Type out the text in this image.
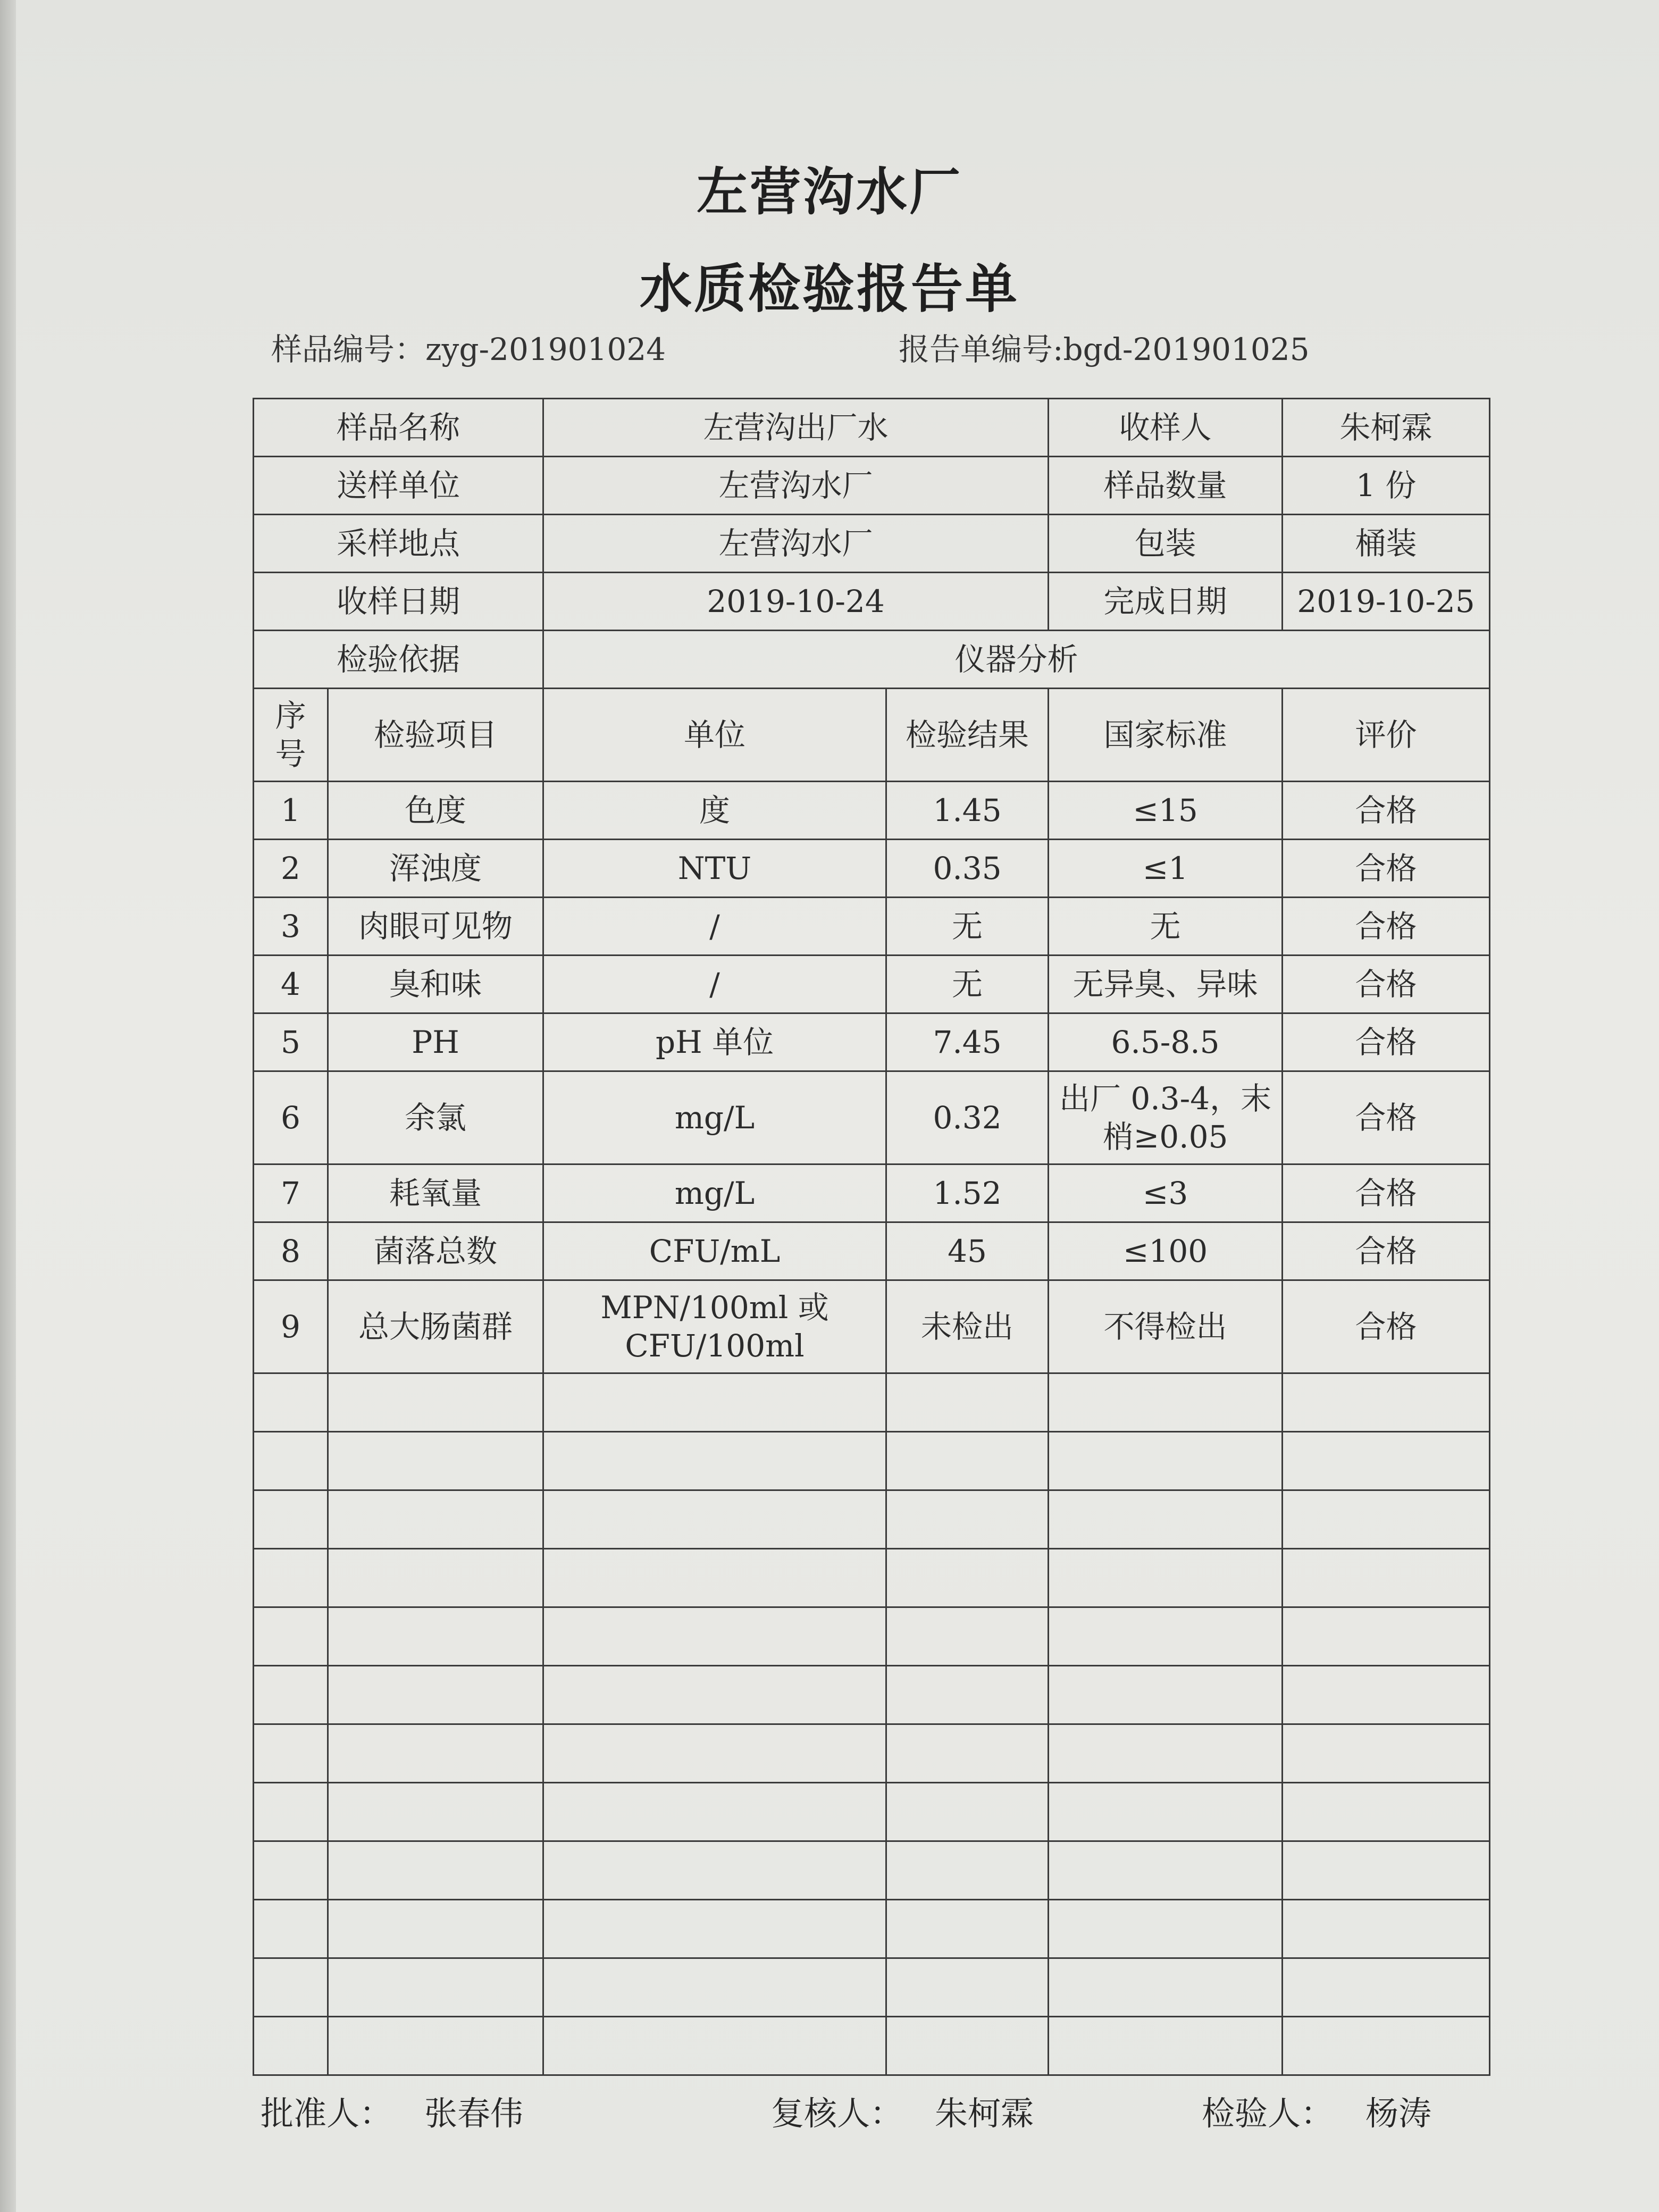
左营沟水厂
水质检验报告单
样品编号：zyg-201901024	报告单编号:bgd-201901025
样品名称		左营沟出厂水		收样人	朱柯霖
送样单位		左营沟水厂		样品数量	1 份
采样地点		左营沟水厂		包装	桶装
收样日期		2019-10-24		完成日期	2019-10-25
检验依据		仪器分析			
序号	检验项目	单位	检验结果	国家标准	评价
1	色度	度	1.45	≤15	合格
2	浑浊度	NTU	0.35	≤1	合格
3	肉眼可见物	/	无	无	合格
4	臭和味	/	无	无异臭、异味	合格
5	PH	pH 单位	7.45	6.5-8.5	合格
6	余氯	mg/L	0.32	出厂 0.3-4，末梢≥0.05	合格
7	耗氧量	mg/L	1.52	≤3	合格
8	菌落总数	CFU/mL	45	≤100	合格
9	总大肠菌群	MPN/100ml 或 CFU/100ml	未检出	不得检出	合格

批准人： 张春伟	复核人： 朱柯霖	检验人： 杨涛
